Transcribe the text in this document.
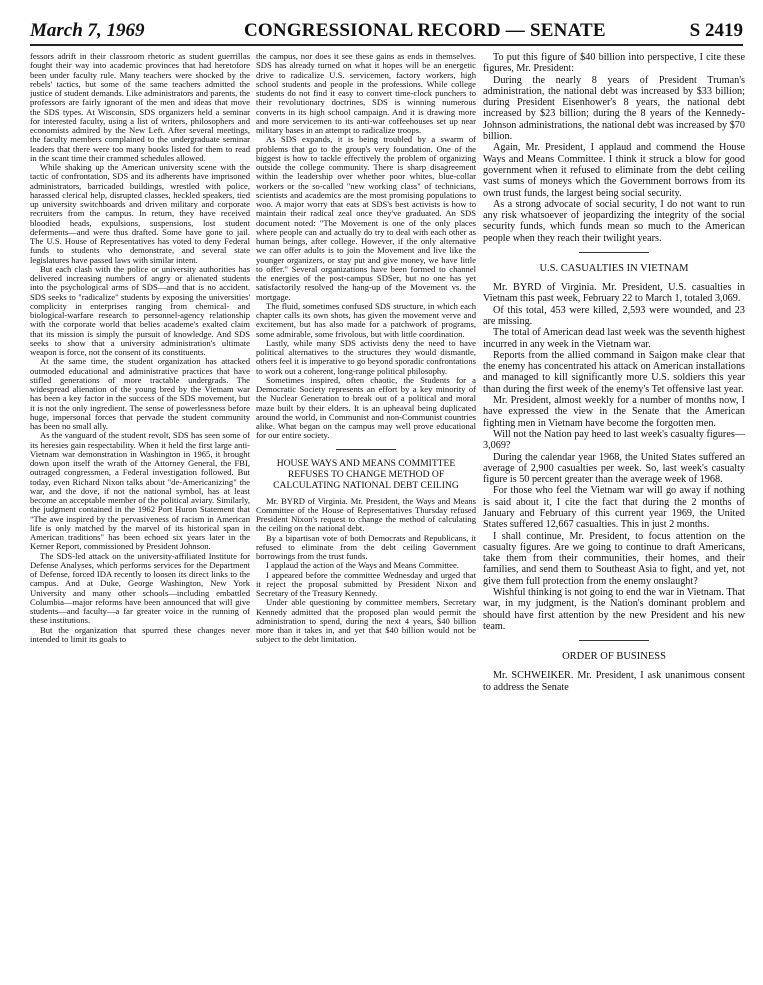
March 7, 1969	CONGRESSIONAL RECORD — SENATE	S 2419

fessors adrift in their classroom rhetoric as student guerrillas fought their way into academic provinces that had heretofore been under faculty rule. Many teachers were shocked by the rebels' tactics, but some of the same teachers admitted the justice of student demands. Like administrators and parents, the professors are fairly ignorant of the men and ideas that move the SDS types. At Wisconsin, SDS organizers held a seminar for interested faculty, using a list of writers, philosophers and economists admired by the New Left. After several meetings, the faculty members complained to the undergraduate seminar leaders that there were too many books listed for them to read in the scant time their crammed schedules allowed.

While shaking up the American university scene with the tactic of confrontation, SDS and its adherents have imprisoned administrators, barricaded buildings, wrestled with police, harassed clerical help, disrupted classes, heckled speakers, tied up university switchboards and driven military and corporate recruiters from the campus. In return, they have received bloodied heads, expulsions, suspensions, lost student deferments—and were thus drafted. Some have gone to jail. The U.S. House of Representatives has voted to deny Federal funds to students who demonstrate, and several state legislatures have passed laws with similar intent.

But each clash with the police or university authorities has delivered increasing numbers of angry or alienated students into the psychological arms of SDS—and that is no accident. SDS seeks to "radicalize" students by exposing the universities' complicity in enterprises ranging from chemical- and biological-warfare research to personnel-agency relationship with the corporate world that belies academe's exalted claim that its mission is simply the pursuit of knowledge. And SDS seeks to show that a university administration's ultimate weapon is force, not the consent of its constituents.

At the same time, the student organization has attacked outmoded educational and administrative practices that have stifled generations of more tractable undergrads. The widespread alienation of the young bred by the Vietnam war has been a key factor in the success of the SDS movement, but it is not the only ingredient. The sense of powerlessness before huge, impersonal forces that pervade the student community has been no small ally.

As the vanguard of the student revolt, SDS has seen some of its heresies gain respectability. When it held the first large anti-Vietnam war demonstration in Washington in 1965, it brought down upon itself the wrath of the Attorney General, the FBI, outraged congressmen, a Federal investigation followed. But today, even Richard Nixon talks about "de-Americanizing" the war, and the dove, if not the national symbol, has at least become an acceptable member of the political aviary. Similarly, the judgment contained in the 1962 Port Huron Statement that "The awe inspired by the pervasiveness of racism in American life is only matched by the marvel of its historical span in American traditions" has been echoed six years later in the Kerner Report, commissioned by President Johnson.

The SDS-led attack on the university-affiliated Institute for Defense Analyses, which performs services for the Department of Defense, forced IDA recently to loosen its direct links to the campus. And at Duke, George Washington, New York University and many other schools—including embattled Columbia—major reforms have been announced that will give students—and faculty—a far greater voice in the running of these institutions.

But the organization that spurred these changes never intended to limit its goals to

the campus, nor does it see these gains as ends in themselves. SDS has already turned on what it hopes will be an energetic drive to radicalize U.S. servicemen, factory workers, high school students and people in the professions. While college students do not find it easy to convert time-clock punchers to their revolutionary doctrines, SDS is winning numerous converts in its high school campaign. And it is drawing more and more servicemen to its anti-war coffeehouses set up near military bases in an attempt to radicalize troops.

As SDS expands, it is being troubled by a swarm of problems that go to the group's very foundation. One of the biggest is how to tackle effectively the problem of organizing outside the college community. There is sharp disagreement within the leadership over whether poor whites, blue-collar workers or the so-called "new working class" of technicians, scientists and academics are the most promising populations to woo. A major worry that eats at SDS's best activists is how to maintain their radical zeal once they've graduated. An SDS document noted: "The Movement is one of the only places where people can and actually do try to deal with each other as human beings, after college. However, if the only alternative we can offer adults is to join the Movement and live like the younger organizers, or stay put and give money, we have little to offer." Several organizations have been formed to channel the energies of the post-campus SDSer, but no one has yet satisfactorily resolved the hang-up of the Movement vs. the mortgage.

The fluid, sometimes confused SDS structure, in which each chapter calls its own shots, has given the movement verve and excitement, but has also made for a patchwork of programs, some admirable, some frivolous, but with little coordination.

Lastly, while many SDS activists deny the need to have political alternatives to the structures they would dismantle, others feel it is imperative to go beyond sporadic confrontations to work out a coherent, long-range political philosophy.

Sometimes inspired, often chaotic, the Students for a Democratic Society represents an effort by a key minority of the Nuclear Generation to break out of a political and moral maze built by their elders. It is an upheaval being duplicated around the world, in Communist and non-Communist countries alike. What began on the campus may well prove educational for our entire society.

HOUSE WAYS AND MEANS COMMITTEE REFUSES TO CHANGE METHOD OF CALCULATING NATIONAL DEBT CEILING

Mr. BYRD of Virginia. Mr. President, the Ways and Means Committee of the House of Representatives Thursday refused President Nixon's request to change the method of calculating the ceiling on the national debt.

By a bipartisan vote of both Democrats and Republicans, it refused to eliminate from the debt ceiling Government borrowings from the trust funds.

I applaud the action of the Ways and Means Committee.

I appeared before the committee Wednesday and urged that it reject the proposal submitted by President Nixon and Secretary of the Treasury Kennedy.

Under able questioning by committee members, Secretary Kennedy admitted that the proposed plan would permit the administration to spend, during the next 4 years, $40 billion more than it takes in, and yet that $40 billion would not be subject to the debt limitation.

To put this figure of $40 billion into perspective, I cite these figures, Mr. President:

During the nearly 8 years of President Truman's administration, the national debt was increased by $33 billion; during President Eisenhower's 8 years, the national debt increased by $23 billion; during the 8 years of the Kennedy-Johnson administrations, the national debt was increased by $70 billion.

Again, Mr. President, I applaud and commend the House Ways and Means Committee. I think it struck a blow for good government when it refused to eliminate from the debt ceiling vast sums of moneys which the Government borrows from its own trust funds, the largest being social security.

As a strong advocate of social security, I do not want to run any risk whatsoever of jeopardizing the integrity of the social security funds, which funds mean so much to the American people when they reach their twilight years.

U.S. CASUALTIES IN VIETNAM

Mr. BYRD of Virginia. Mr. President, U.S. casualties in Vietnam this past week, February 22 to March 1, totaled 3,069.

Of this total, 453 were killed, 2,593 were wounded, and 23 are missing.

The total of American dead last week was the seventh highest incurred in any week in the Vietnam war.

Reports from the allied command in Saigon make clear that the enemy has concentrated his attack on American installations and managed to kill significantly more U.S. soldiers this year than during the first week of the enemy's Tet offensive last year.

Mr. President, almost weekly for a number of months now, I have expressed the view in the Senate that the American fighting men in Vietnam have become the forgotten men.

Will not the Nation pay heed to last week's casualty figures—3,069?

During the calendar year 1968, the United States suffered an average of 2,900 casualties per week. So, last week's casualty figure is 50 percent greater than the average week of 1968.

For those who feel the Vietnam war will go away if nothing is said about it, I cite the fact that during the 2 months of January and February of this current year 1969, the United States suffered 12,667 casualties. This in just 2 months.

I shall continue, Mr. President, to focus attention on the casualty figures. Are we going to continue to draft Americans, take them from their communities, their homes, and their families, and send them to Southeast Asia to fight, and yet, not give them full protection from the enemy onslaught?

Wishful thinking is not going to end the war in Vietnam. That war, in my judgment, is the Nation's dominant problem and should have first attention by the new President and his new team.

ORDER OF BUSINESS

Mr. SCHWEIKER. Mr. President, I ask unanimous consent to address the Senate
